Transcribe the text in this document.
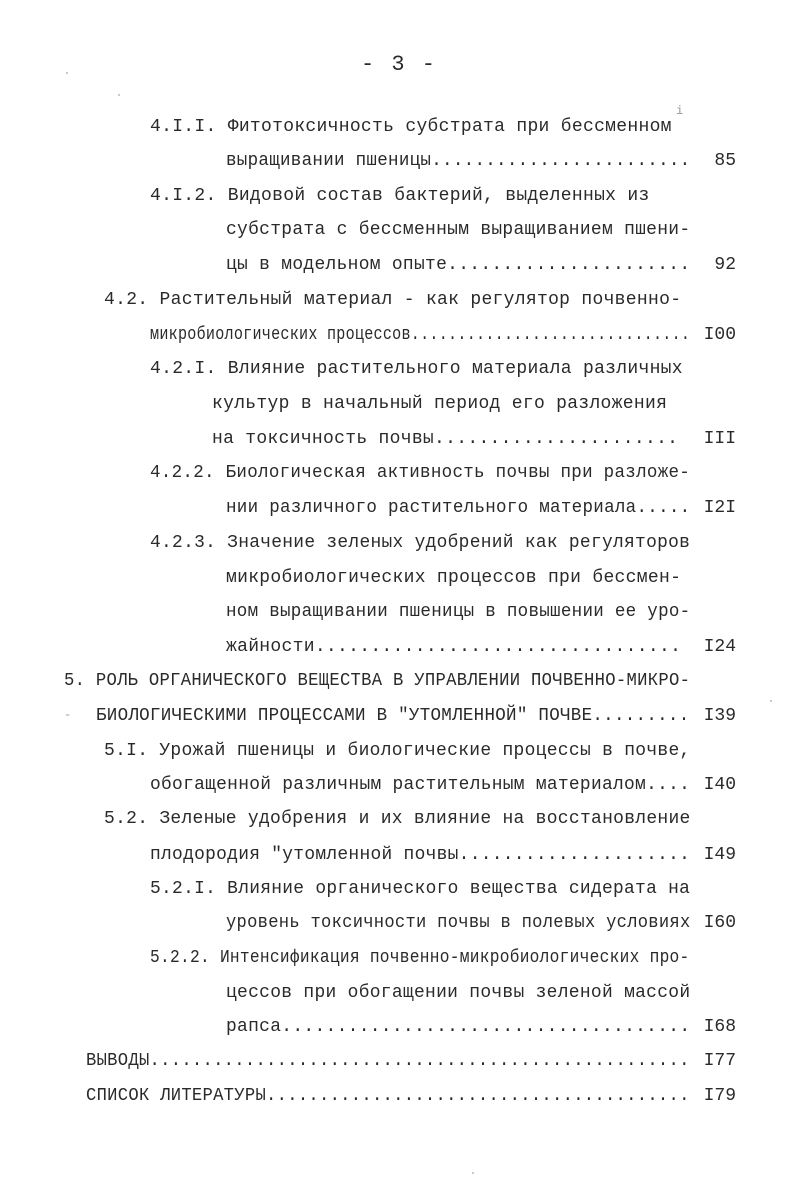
- 3 -
4.I.I. Фитотоксичность субстрата при бессменном
выращивании пшеницы........................	85
4.I.2. Видовой состав бактерий, выделенных из
субстрата с бессменным выращиванием пшени-
цы в модельном опыте......................	92
4.2. Растительный материал - как регулятор почвенно-
микробиологических процессов.............................. I00
4.2.I. Влияние растительного материала различных
культур в начальный период его разложения
на токсичность почвы......................	III
4.2.2. Биологическая активность почвы при разложе-
нии различного растительного материала..... I2I
4.2.3. Значение зеленых удобрений как регуляторов
микробиологических процессов при бессмен-
ном выращивании пшеницы в повышении ее уро-
жайности.................................	I24
5. РОЛЬ ОРГАНИЧЕСКОГО ВЕЩЕСТВА В УПРАВЛЕНИИ ПОЧВЕННО-МИКРО-
БИОЛОГИЧЕСКИМИ ПРОЦЕССАМИ В "УТОМЛЕННОЙ" ПОЧВЕ......... I39
5.I. Урожай пшеницы и биологические процессы в почве,
обогащенной различным растительным материалом.... I40
5.2. Зеленые удобрения и их влияние на восстановление
плодородия "утомленной почвы..................... I49
5.2.I. Влияние органического вещества сидерата на
уровень токсичности почвы в полевых условиях I60
5.2.2. Интенсификация почвенно-микробиологических про-
цессов при обогащении почвы зеленой массой
рапса..................................... I68
ВЫВОДЫ................................................... I77
СПИСОК ЛИТЕРАТУРЫ........................................ I79
i
-
